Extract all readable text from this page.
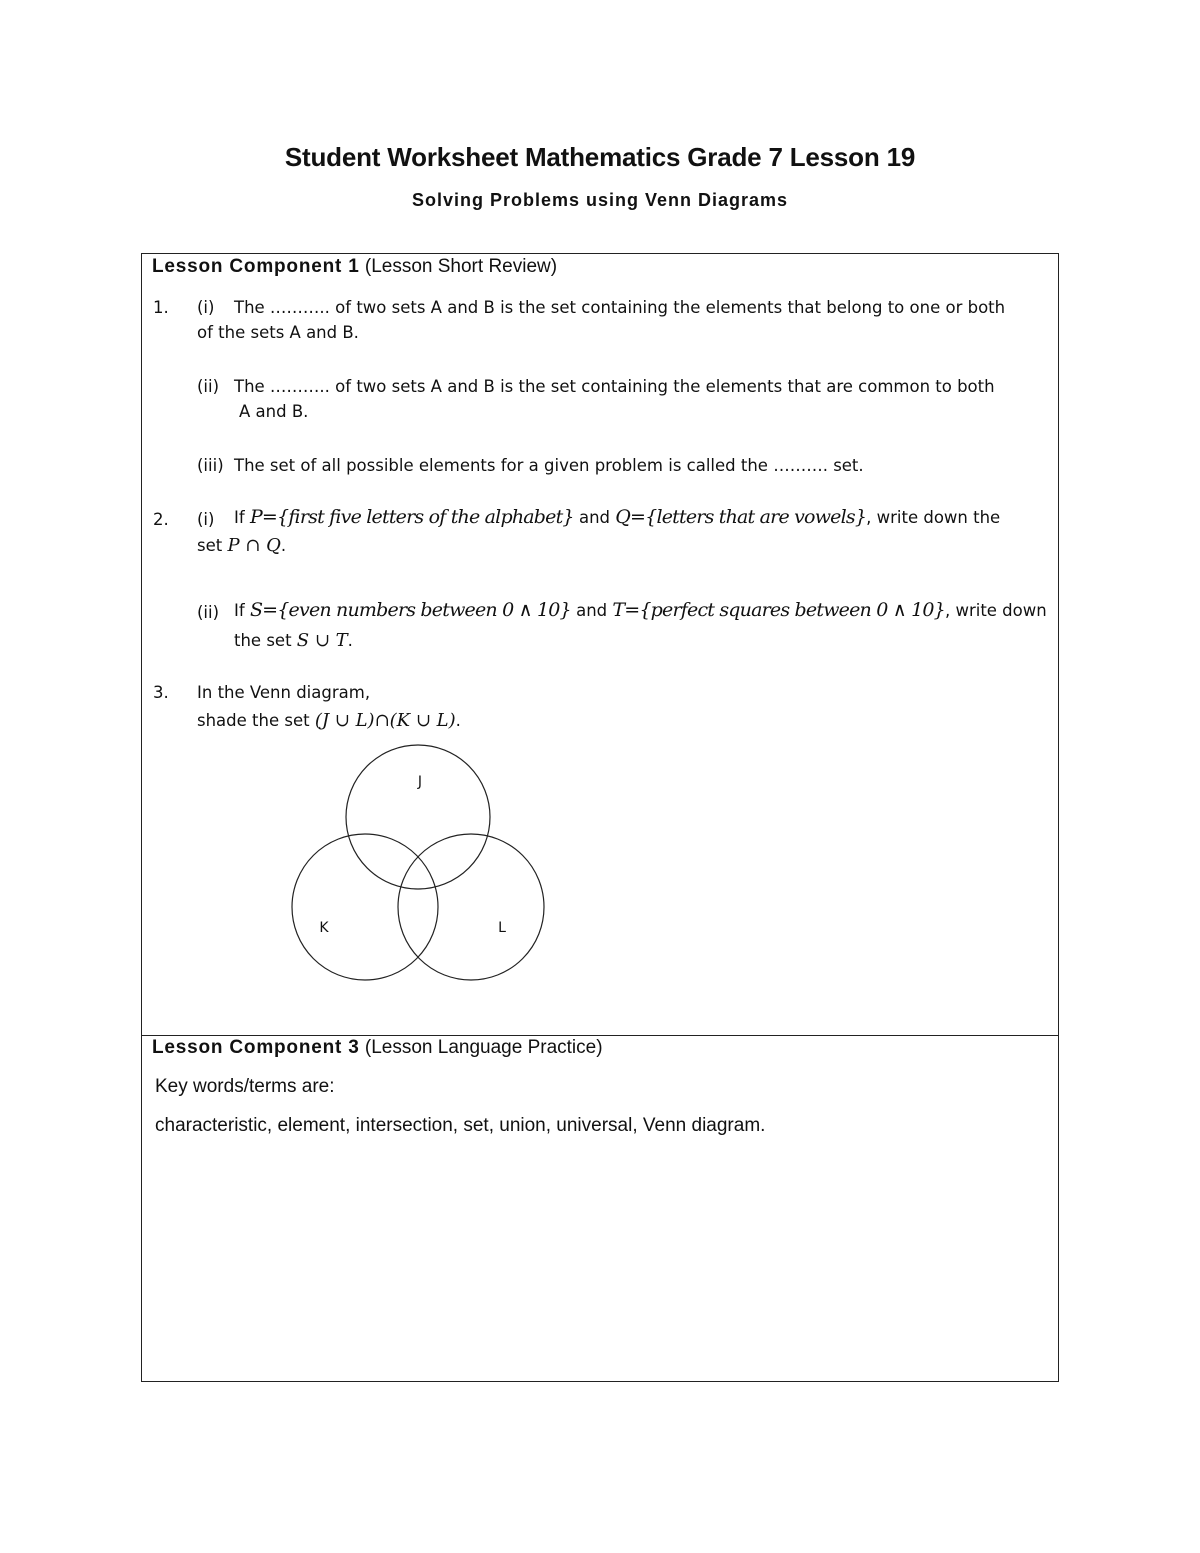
Student Worksheet Mathematics Grade 7 Lesson 19
Solving Problems using Venn Diagrams
Lesson Component 1 (Lesson Short Review)
1. (i) The ……….. of two sets A and B is the set containing the elements that belong to one or both
of the sets A and B.
(ii) The ……….. of two sets A and B is the set containing the elements that are common to both
A and B.
(iii) The set of all possible elements for a given problem is called the ………. set.
2. (i) If P={first five letters of the alphabet} and Q={letters that are vowels}, write down the
set P ∩ Q.
(ii) If S={even numbers between 0 ∧ 10} and T={perfect squares between 0 ∧ 10}, write down
the set S ∪ T.
3. In the Venn diagram,
shade the set (J ∪ L)∩(K ∪ L).
J
K	L
Lesson Component 3 (Lesson Language Practice)
Key words/terms are:
characteristic, element, intersection, set, union, universal, Venn diagram.
